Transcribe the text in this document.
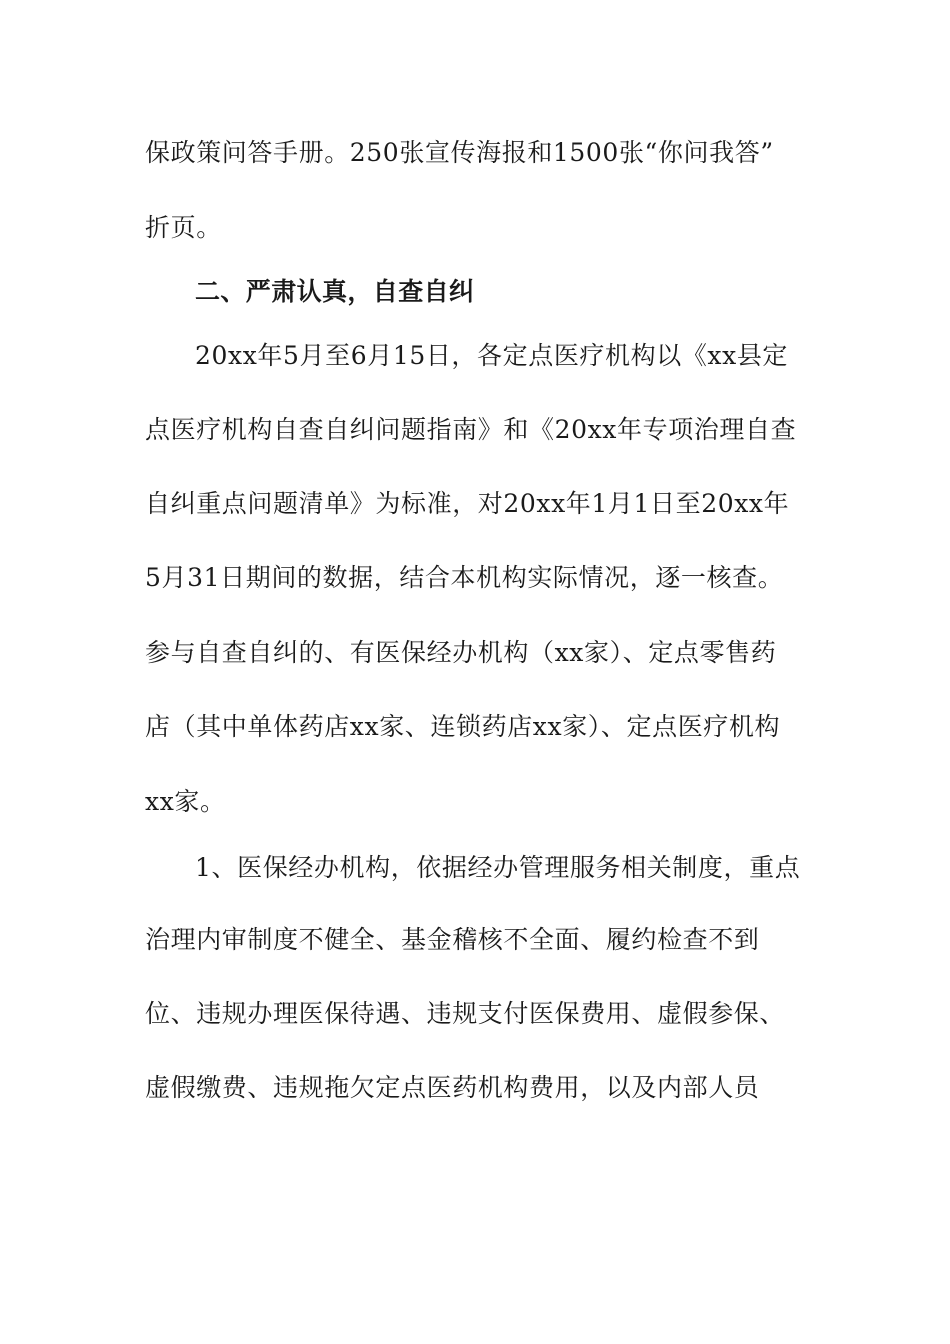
保政策问答手册。250张宣传海报和1500张“你问我答”
折页。
二、严肃认真，自查自纠
20xx年5月至6月15日，各定点医疗机构以《xx县定
点医疗机构自查自纠问题指南》和《20xx年专项治理自查
自纠重点问题清单》为标准，对20xx年1月1日至20xx年
5月31日期间的数据，结合本机构实际情况，逐一核查。
参与自查自纠的、有医保经办机构（xx家）、定点零售药
店（其中单体药店xx家、连锁药店xx家）、定点医疗机构
xx家。
1、医保经办机构，依据经办管理服务相关制度，重点
治理内审制度不健全、基金稽核不全面、履约检查不到
位、违规办理医保待遇、违规支付医保费用、虚假参保、
虚假缴费、违规拖欠定点医药机构费用，以及内部人员
